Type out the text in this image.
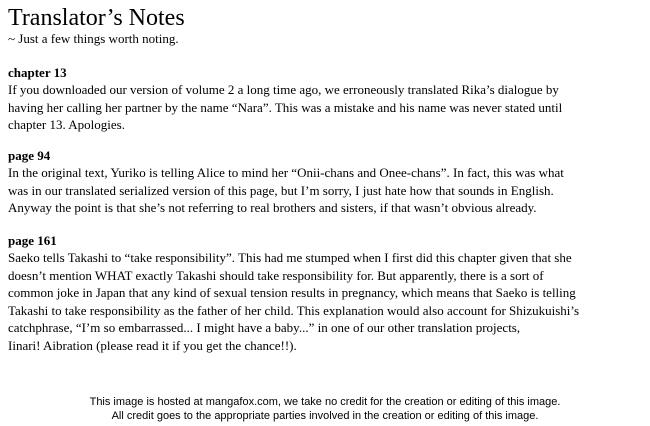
Translator’s Notes
~ Just a few things worth noting.
chapter 13

If you downloaded our version of volume 2 a long time ago, we erroneously translated Rika’s dialogue by
having her calling her partner by the name “Nara”. This was a mistake and his name was never stated until
chapter 13. Apologies.

page 94

In the original text, Yuriko is telling Alice to mind her “Onii-chans and Onee-chans”. In fact, this was what
was in our translated serialized version of this page, but I’m sorry, I just hate how that sounds in English.
Anyway the point is that she’s not referring to real brothers and sisters, if that wasn’t obvious already.

page 161

Saeko tells Takashi to “take responsibility”. This had me stumped when I first did this chapter given that she
doesn’t mention WHAT exactly Takashi should take responsibility for. But apparently, there is a sort of
common joke in Japan that any kind of sexual tension results in pregnancy, which means that Saeko is telling
Takashi to take responsibility as the father of her child. This explanation would also account for Shizukuishi’s
catchphrase, “I’m so embarrassed... I might have a baby...” in one of our other translation projects,
Iinari! Aibration (please read it if you get the chance!!).

This image is hosted at mangafox.com, we take no credit for the creation or editing of this image.
All credit goes to the appropriate parties involved in the creation or editing of this image.
